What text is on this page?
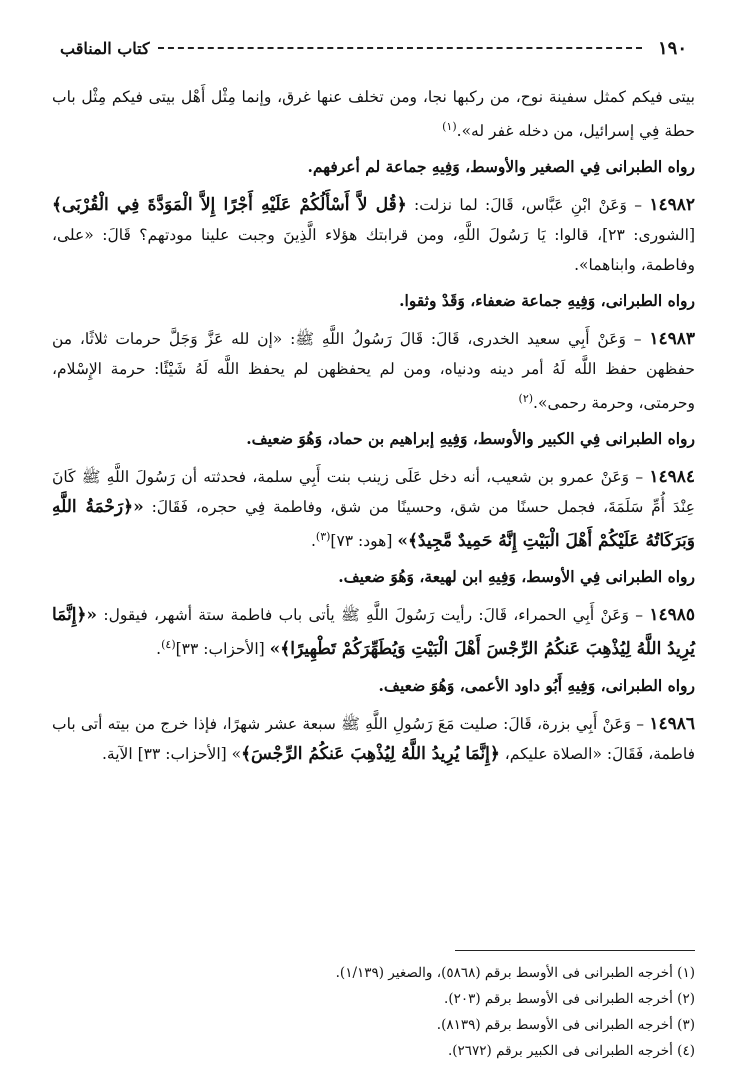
١٩٠
كتاب المناقب

بيتى فيكم كمثل سفينة نوح، من ركبها نجا، ومن تخلف عنها غرق، وإنما مِثْل أَهْل بيتى فيكم مِثْل باب حطة فِي إسرائيل، من دخله غفر له».$^{(١)}$

رواه الطبرانى فِي الصغير والأوسط، وَفِيهِ جماعة لم أعرفهم.

١٤٩٨٢ – وَعَنْ ابْنِ عَبَّاس، قَالَ: لما نزلت: ﴿قُل لاَّ أَسْأَلُكُمْ عَلَيْهِ أَجْرًا إِلاَّ الْمَوَدَّةَ فِي الْقُرْبَى﴾ [الشورى: ٢٣]، قالوا: يَا رَسُولَ اللَّهِ، ومن قرابتك هؤلاء الَّذِينَ وجبت علينا مودتهم؟ قَالَ: «على، وفاطمة، وابناهما».

رواه الطبرانى، وَفِيهِ جماعة ضعفاء، وَقَدْ وثقوا.

١٤٩٨٣ – وَعَنْ أَبِي سعيد الخدرى، قَالَ: قَالَ رَسُولُ اللَّهِ ﷺ: «إن لله عَزَّ وَجَلَّ حرمات ثلاثًا، من حفظهن حفظ اللَّه لَهُ أمر دينه ودنياه، ومن لم يحفظهن لم يحفظ اللَّه لَهُ شَيْئًا: حرمة الإِسْلام، وحرمتى، وحرمة رحمى».$^{(٢)}$

رواه الطبرانى فِي الكبير والأوسط، وَفِيهِ إبراهيم بن حماد، وَهُوَ ضعيف.

١٤٩٨٤ – وَعَنْ عمرو بن شعيب، أنه دخل عَلَى زينب بنت أَبِي سلمة، فحدثته أن رَسُولَ اللَّهِ ﷺ كَانَ عِنْدَ أُمِّ سَلَمَةَ، فجمل حسنًا من شق، وحسينًا من شق، وفاطمة فِي حجره، فَقَالَ: «﴿رَحْمَةُ اللَّهِ وَبَرَكَاتُهُ عَلَيْكُمْ أَهْلَ الْبَيْتِ إِنَّهُ حَمِيدٌ مَّجِيدٌ﴾» [هود: ٧٣]$^{(٣)}$.

رواه الطبرانى فِي الأوسط، وَفِيهِ ابن لهيعة، وَهُوَ ضعيف.

١٤٩٨٥ – وَعَنْ أَبِي الحمراء، قَالَ: رأيت رَسُولَ اللَّهِ ﷺ يأتى باب فاطمة ستة أشهر، فيقول: «﴿إِنَّمَا يُرِيدُ اللَّهُ لِيُذْهِبَ عَنكُمُ الرِّجْسَ أَهْلَ الْبَيْتِ وَيُطَهِّرَكُمْ تَطْهِيرًا﴾» [الأحزاب: ٣٣]$^{(٤)}$.

رواه الطبرانى، وَفِيهِ أَبُو داود الأعمى، وَهُوَ ضعيف.

١٤٩٨٦ – وَعَنْ أَبِي بزرة، قَالَ: صليت مَعَ رَسُولِ اللَّهِ ﷺ سبعة عشر شهرًا، فإذا خرج من بيته أتى باب فاطمة، فَقَالَ: «الصلاة عليكم، ﴿إِنَّمَا يُرِيدُ اللَّهُ لِيُذْهِبَ عَنكُمُ الرِّجْسَ﴾» [الأحزاب: ٣٣] الآية.

(١) أخرجه الطبرانى فى الأوسط برقم (٥٨٦٨)، والصغير (١/١٣٩).
(٢) أخرجه الطبرانى فى الأوسط برقم (٢٠٣).
(٣) أخرجه الطبرانى فى الأوسط برقم (٨١٣٩).
(٤) أخرجه الطبرانى فى الكبير برقم (٢٦٧٢).
